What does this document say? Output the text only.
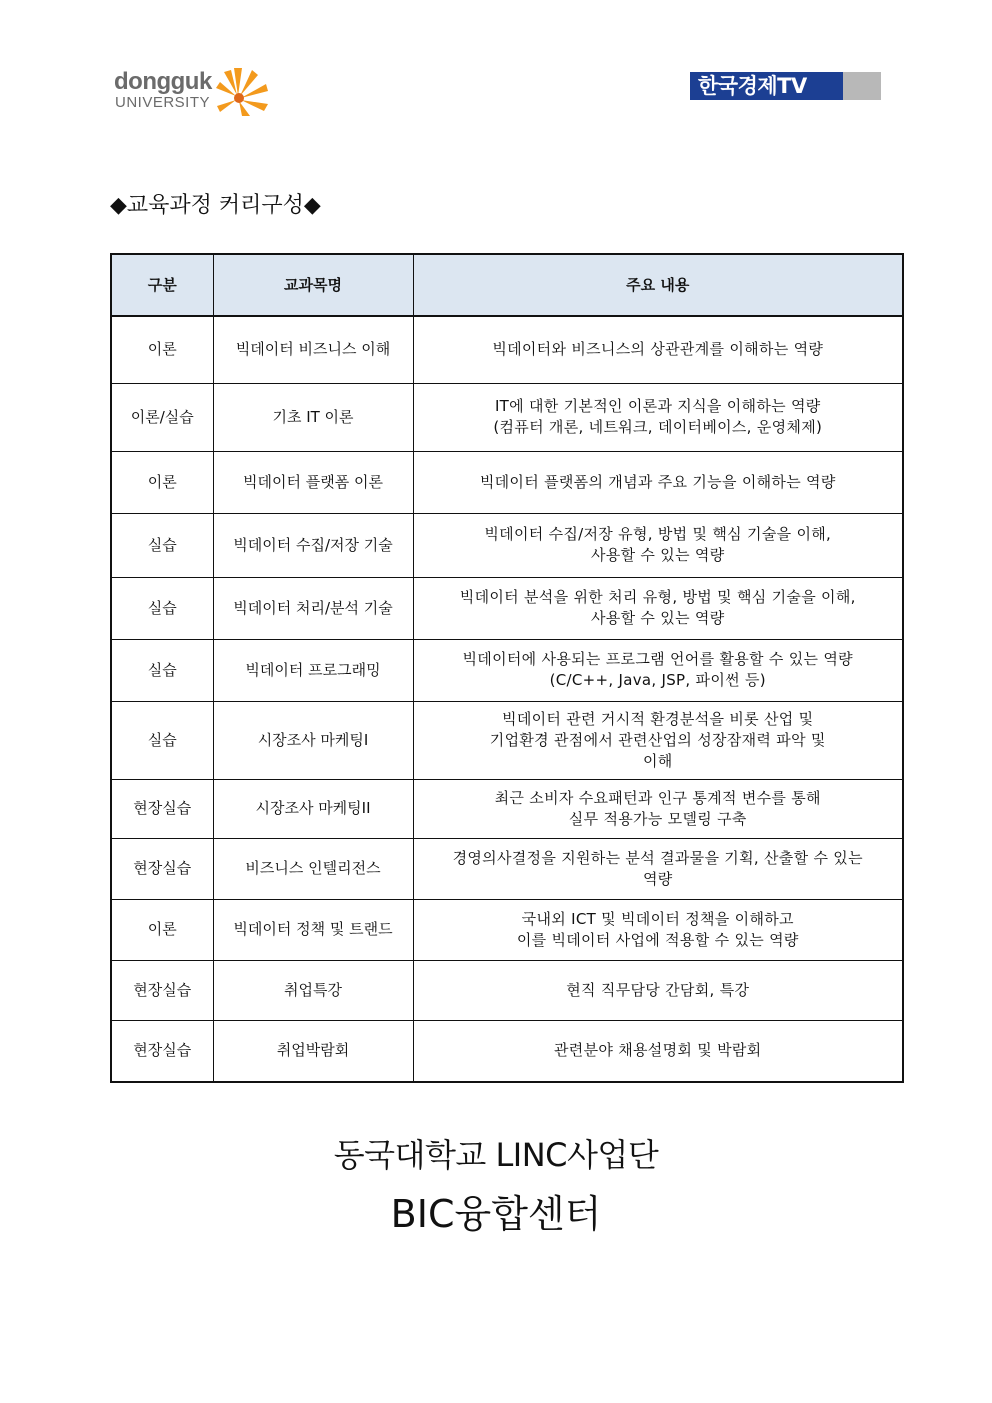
dongguk
UNIVERSITY
한국경제TV
◆교육과정 커리구성◆
구분	교과목명	주요 내용
이론	빅데이터 비즈니스 이해	빅데이터와 비즈니스의 상관관계를 이해하는 역량

이론/실습	기초 IT 이론	IT에 대한 기본적인 이론과 지식을 이해하는 역량
(컴퓨터 개론, 네트워크, 데이터베이스, 운영체제)

이론	빅데이터 플랫폼 이론	빅데이터 플랫폼의 개념과 주요 기능을 이해하는 역량

실습	빅데이터 수집/저장 기술	빅데이터 수집/저장 유형, 방법 및 핵심 기술을 이해,
사용할 수 있는 역량

실습	빅데이터 처리/분석 기술	빅데이터 분석을 위한 처리 유형, 방법 및 핵심 기술을 이해,
사용할 수 있는 역량

실습	빅데이터 프로그래밍	빅데이터에 사용되는 프로그램 언어를 활용할 수 있는 역량
(C/C++, Java, JSP, 파이썬 등)

실습	시장조사 마케팅I	빅데이터 관련 거시적 환경분석을 비롯 산업 및
기업환경 관점에서 관련산업의 성장잠재력 파악 및
이해

현장실습	시장조사 마케팅II	최근 소비자 수요패턴과 인구 통계적 변수를 통해
실무 적용가능 모델링 구축

현장실습	비즈니스 인텔리전스	경영의사결정을 지원하는 분석 결과물을 기획, 산출할 수 있는
역량

이론	빅데이터 정책 및 트랜드	국내외 ICT 및 빅데이터 정책을 이해하고
이를 빅데이터 사업에 적용할 수 있는 역량

현장실습	취업특강	현직 직무담당 간담회, 특강

현장실습	취업박람회	관련분야 채용설명회 및 박람회
동국대학교 LINC사업단
BIC융합센터
